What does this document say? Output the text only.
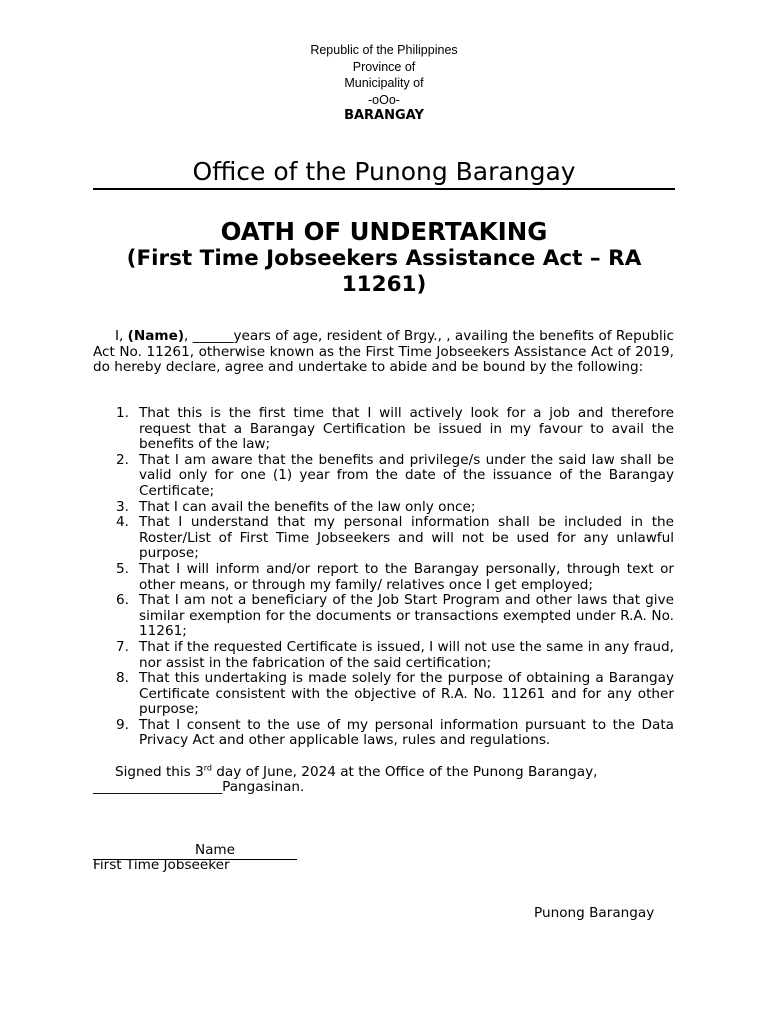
Republic of the Philippines
Province of
Municipality of
-oOo-
BARANGAY
Office of the Punong Barangay
OATH OF UNDERTAKING
(First Time Jobseekers Assistance Act – RA 11261)
I, (Name), ______years of age, resident of Brgy., , availing the benefits of Republic Act No. 11261, otherwise known as the First Time Jobseekers Assistance Act of 2019, do hereby declare, agree and undertake to abide and be bound by the following:
1. That this is the first time that I will actively look for a job and therefore request that a Barangay Certification be issued in my favour to avail the benefits of the law;
2. That I am aware that the benefits and privilege/s under the said law shall be valid only for one (1) year from the date of the issuance of the Barangay Certificate;
3. That I can avail the benefits of the law only once;
4. That I understand that my personal information shall be included in the Roster/List of First Time Jobseekers and will not be used for any unlawful purpose;
5. That I will inform and/or report to the Barangay personally, through text or other means, or through my family/ relatives once I get employed;
6. That I am not a beneficiary of the Job Start Program and other laws that give similar exemption for the documents or transactions exempted under R.A. No. 11261;
7. That if the requested Certificate is issued, I will not use the same in any fraud, nor assist in the fabrication of the said certification;
8. That this undertaking is made solely for the purpose of obtaining a Barangay Certificate consistent with the objective of R.A. No. 11261 and for any other purpose;
9. That I consent to the use of my personal information pursuant to the Data Privacy Act and other applicable laws, rules and regulations.
Signed this 3rd day of June, 2024 at the Office of the Punong Barangay,
___________________Pangasinan.
Name
First Time Jobseeker
Punong Barangay
